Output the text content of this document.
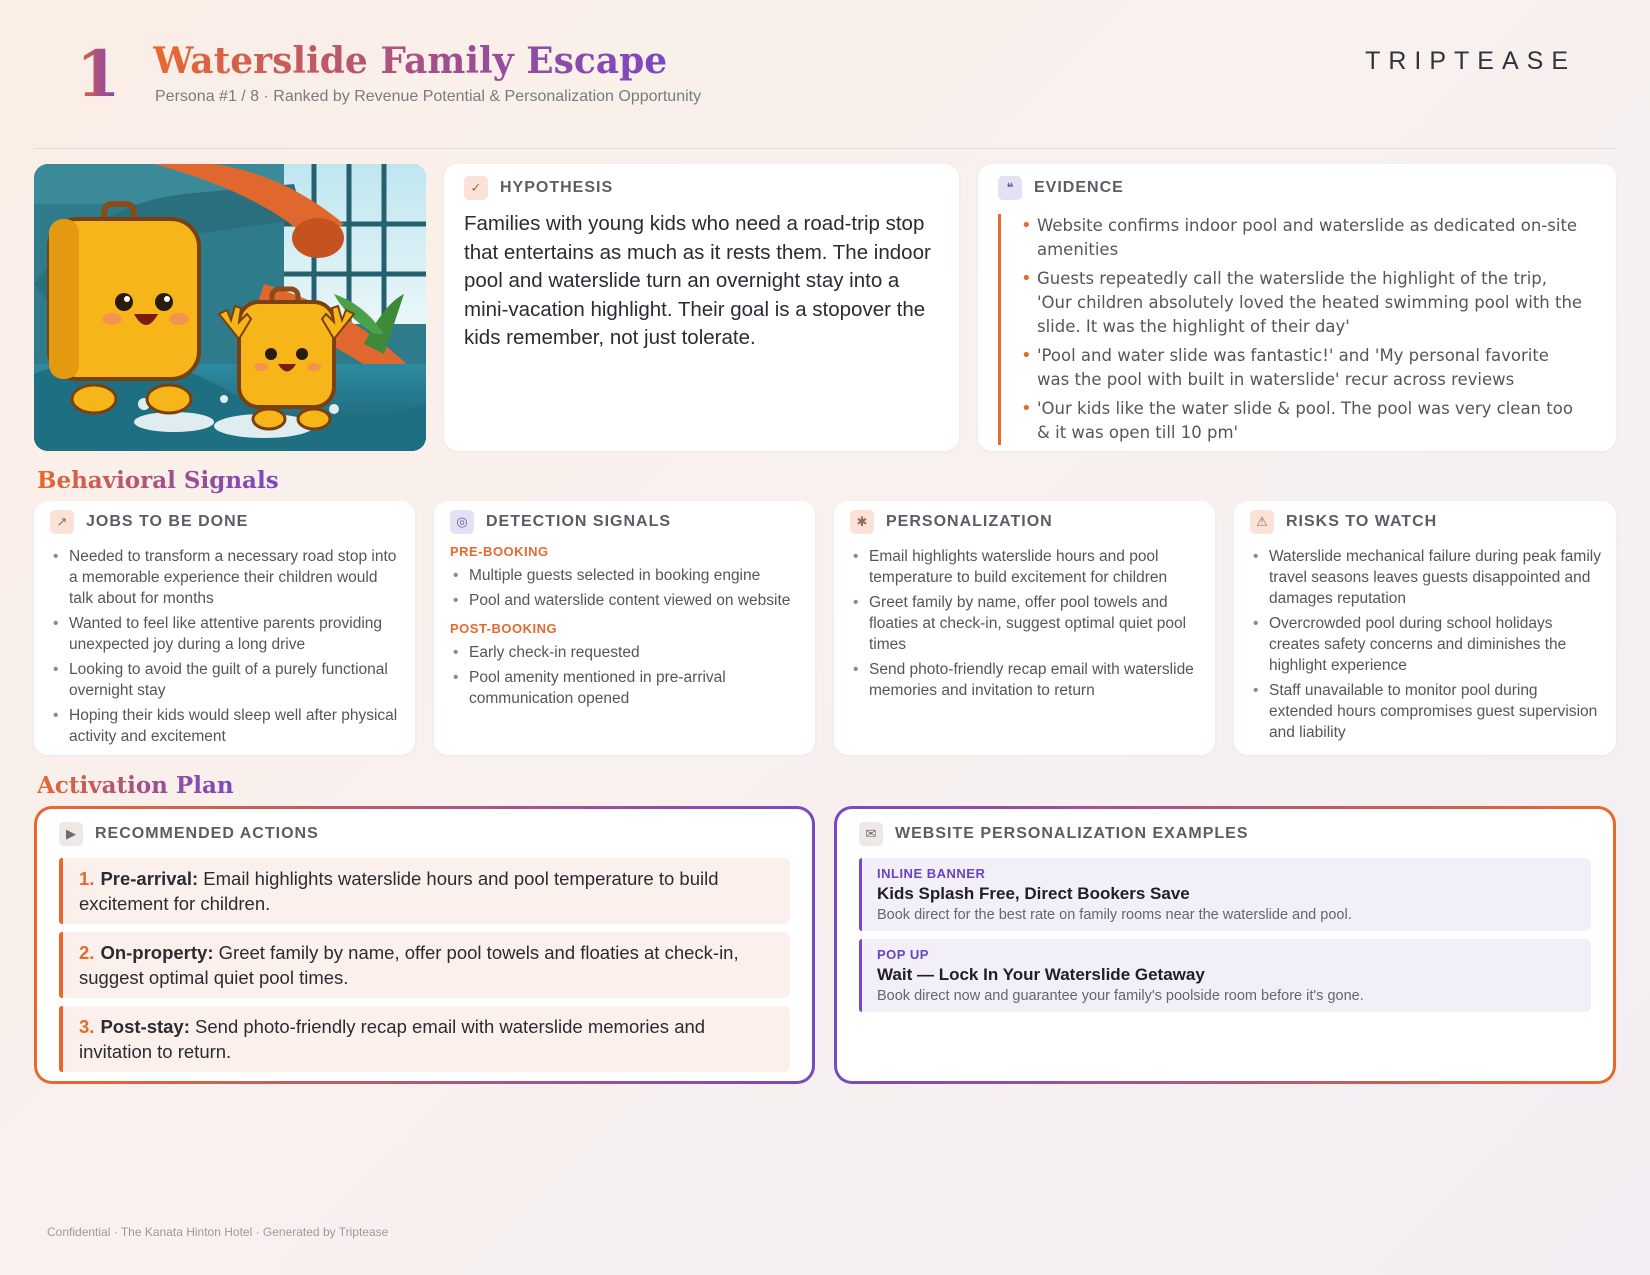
1 Waterslide Family Escape
Persona #1 / 8 · Ranked by Revenue Potential & Personalization Opportunity
TRIPTEASE
✓	HYPOTHESIS

Families with young kids who need a road-trip stop that entertains as much as it rests them. The indoor pool and waterslide turn an overnight stay into a mini-vacation highlight. Their goal is a stopover the kids remember, not just tolerate.

❝	EVIDENCE
• Website confirms indoor pool and waterslide as dedicated on-site amenities
• Guests repeatedly call the waterslide the highlight of the trip, 'Our children absolutely loved the heated swimming pool with the slide. It was the highlight of their day'
• 'Pool and water slide was fantastic!' and 'My personal favorite was the pool with built in waterslide' recur across reviews
• 'Our kids like the water slide & pool. The pool was very clean too & it was open till 10 pm'
Behavioral Signals
↗	JOBS TO BE DONE
• Needed to transform a necessary road stop into a memorable experience their children would talk about for months
• Wanted to feel like attentive parents providing unexpected joy during a long drive
• Looking to avoid the guilt of a purely functional overnight stay
• Hoping their kids would sleep well after physical activity and excitement
◎	DETECTION SIGNALS
PRE-BOOKING
• Multiple guests selected in booking engine
• Pool and waterslide content viewed on website
POST-BOOKING
• Early check-in requested
• Pool amenity mentioned in pre-arrival communication opened
✱	PERSONALIZATION
• Email highlights waterslide hours and pool temperature to build excitement for children
• Greet family by name, offer pool towels and floaties at check-in, suggest optimal quiet pool times
• Send photo-friendly recap email with waterslide memories and invitation to return
⚠	RISKS TO WATCH
• Waterslide mechanical failure during peak family travel seasons leaves guests disappointed and damages reputation
• Overcrowded pool during school holidays creates safety concerns and diminishes the highlight experience
• Staff unavailable to monitor pool during extended hours compromises guest supervision and liability
Activation Plan
▶	RECOMMENDED ACTIONS
1. Pre-arrival: Email highlights waterslide hours and pool temperature to build excitement for children.
2. On-property: Greet family by name, offer pool towels and floaties at check-in, suggest optimal quiet pool times.
3. Post-stay: Send photo-friendly recap email with waterslide memories and invitation to return.
✉	WEBSITE PERSONALIZATION EXAMPLES
INLINE BANNER
Kids Splash Free, Direct Bookers Save
Book direct for the best rate on family rooms near the waterslide and pool.
POP UP
Wait — Lock In Your Waterslide Getaway
Book direct now and guarantee your family's poolside room before it's gone.
Confidential · The Kanata Hinton Hotel · Generated by Triptease
